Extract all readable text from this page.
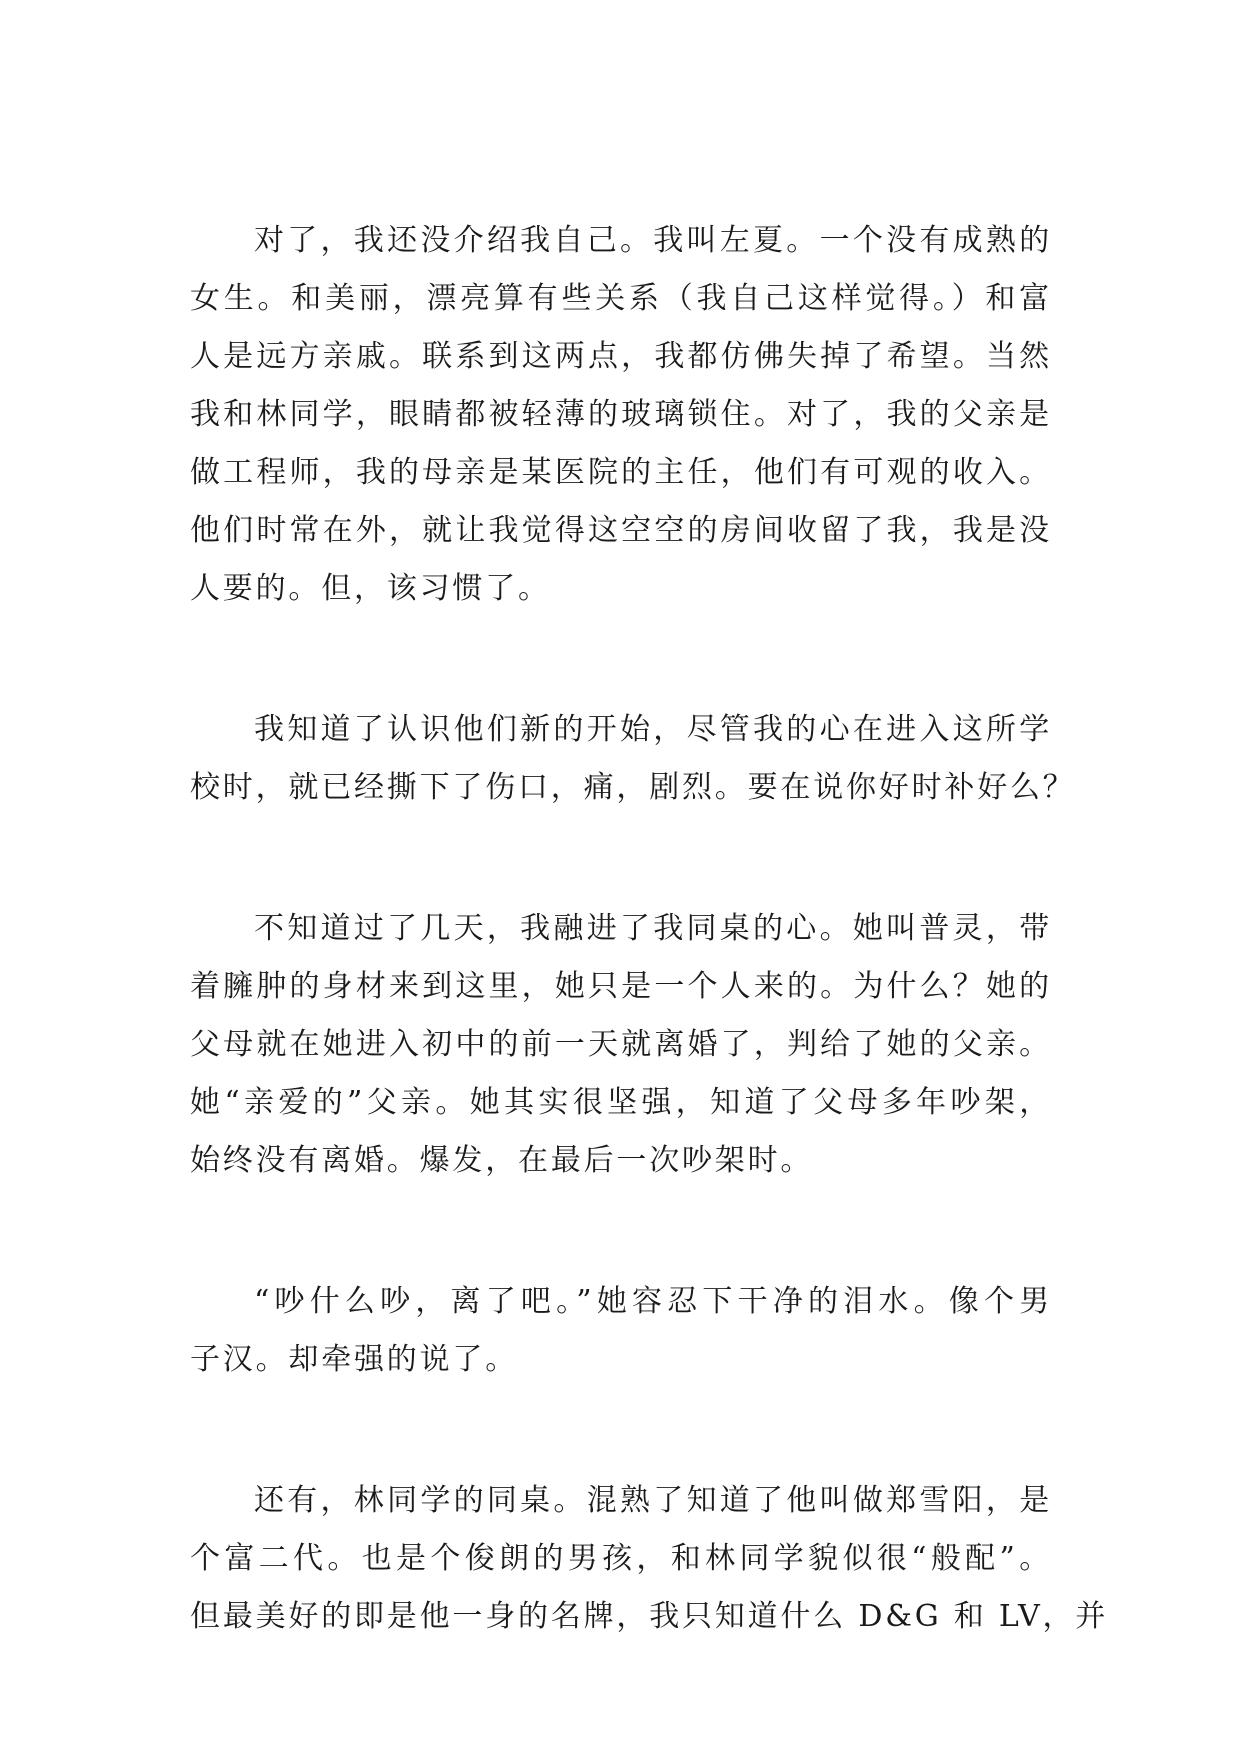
对了，我还没介绍我自己。我叫左夏。一个没有成熟的
女生。和美丽，漂亮算有些关系（我自己这样觉得。）和富
人是远方亲戚。联系到这两点，我都仿佛失掉了希望。当然
我和林同学，眼睛都被轻薄的玻璃锁住。对了，我的父亲是
做工程师，我的母亲是某医院的主任，他们有可观的收入。
他们时常在外，就让我觉得这空空的房间收留了我，我是没
人要的。但，该习惯了。
我知道了认识他们新的开始，尽管我的心在进入这所学
校时，就已经撕下了伤口，痛，剧烈。要在说你好时补好么？
不知道过了几天，我融进了我同桌的心。她叫普灵，带
着臃肿的身材来到这里，她只是一个人来的。为什么？她的
父母就在她进入初中的前一天就离婚了，判给了她的父亲。
她“亲爱的”父亲。她其实很坚强，知道了父母多年吵架，
始终没有离婚。爆发，在最后一次吵架时。
“吵什么吵，离了吧。”她容忍下干净的泪水。像个男
子汉。却牵强的说了。
还有，林同学的同桌。混熟了知道了他叫做郑雪阳，是
个富二代。也是个俊朗的男孩，和林同学貌似很“般配”。
但最美好的即是他一身的名牌，我只知道什么 D&G 和 LV，并
